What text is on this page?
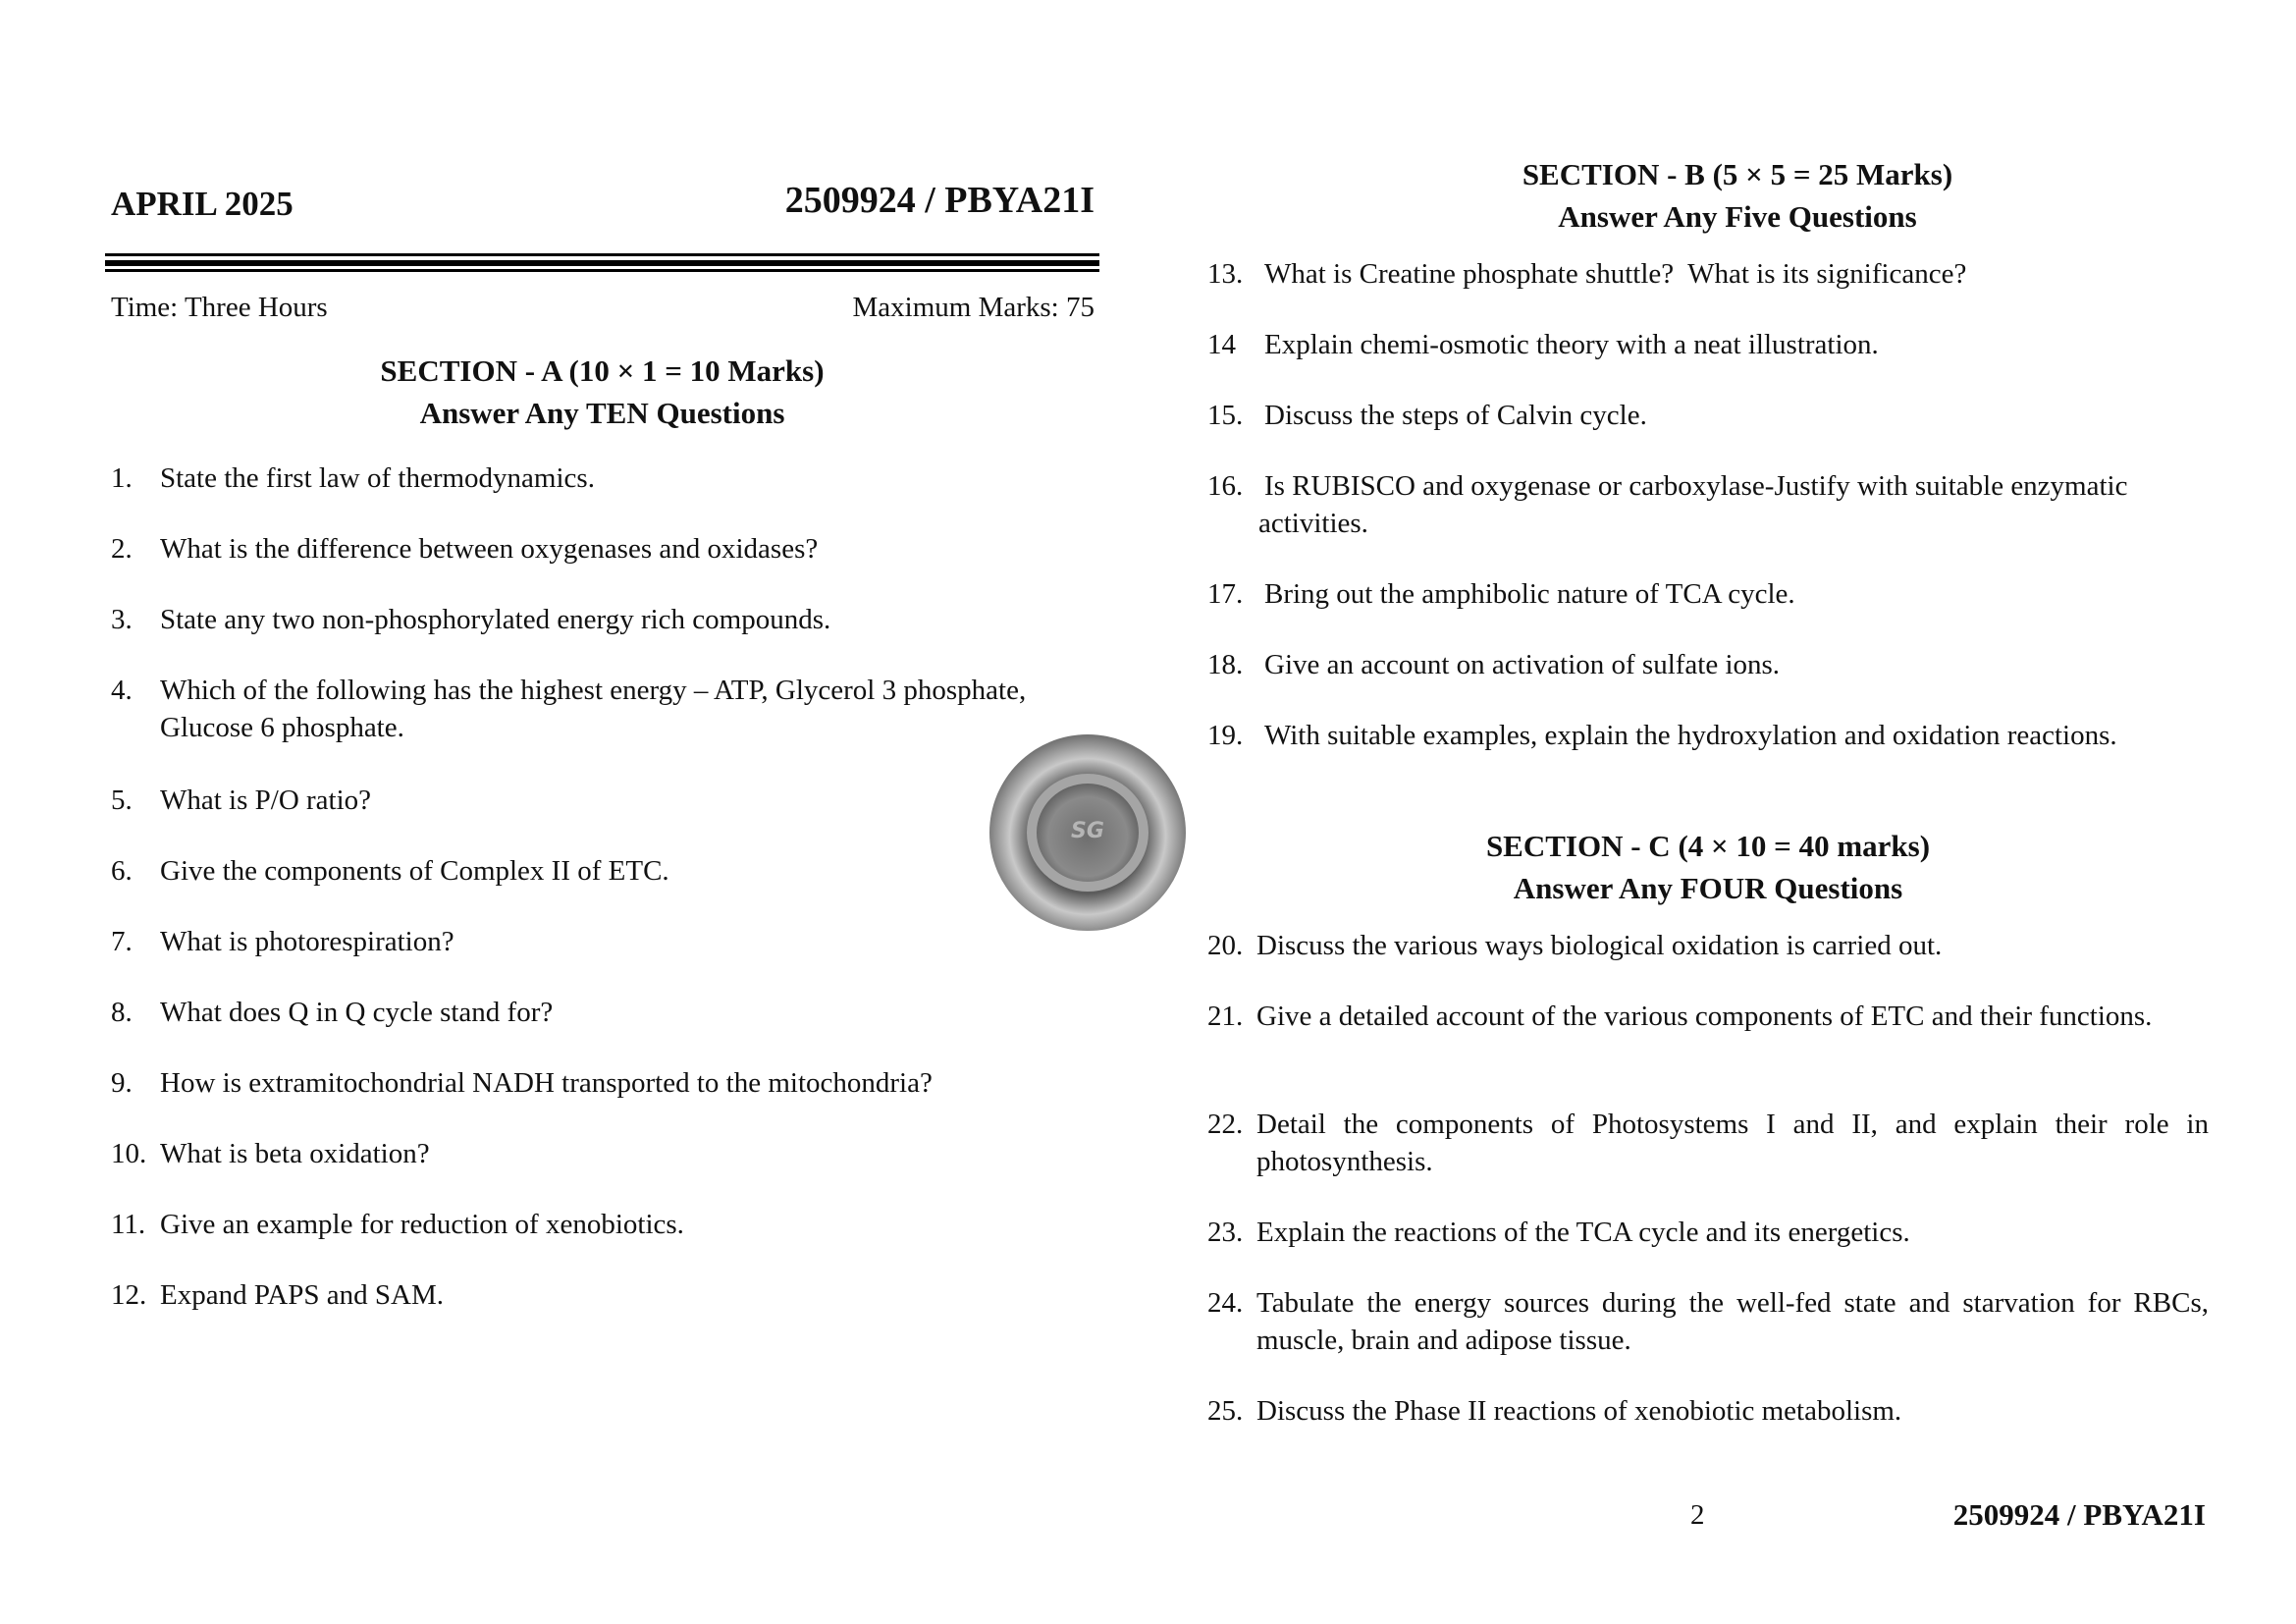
APRIL 2025	2509924 / PBYA21I
Time: Three Hours	Maximum Marks: 75
SECTION - A (10 × 1 = 10 Marks)
Answer Any TEN Questions
1. State the first law of thermodynamics.
2. What is the difference between oxygenases and oxidases?
3. State any two non-phosphorylated energy rich compounds.
4. Which of the following has the highest energy – ATP, Glycerol 3 phosphate, Glucose 6 phosphate.
5. What is P/O ratio?
6. Give the components of Complex II of ETC.
7. What is photorespiration?
8. What does Q in Q cycle stand for?
9. How is extramitochondrial NADH transported to the mitochondria?
10. What is beta oxidation?
11. Give an example for reduction of xenobiotics.
12. Expand PAPS and SAM.
SG
SECTION - B (5 × 5 = 25 Marks)
Answer Any Five Questions
13. What is Creatine phosphate shuttle?  What is its significance?
14 Explain chemi-osmotic theory with a neat illustration.
15. Discuss the steps of Calvin cycle.
16. Is RUBISCO and oxygenase or carboxylase-Justify with suitable enzymatic activities.
17. Bring out the amphibolic nature of TCA cycle.
18. Give an account on activation of sulfate ions.
19. With suitable examples, explain the hydroxylation and oxidation reactions.
SECTION - C (4 × 10 = 40 marks)
Answer Any FOUR Questions
20. Discuss the various ways biological oxidation is carried out.
21. Give a detailed account of the various components of ETC and their functions.
22. Detail the components of Photosystems I and II, and explain their role in photosynthesis.
23. Explain the reactions of the TCA cycle and its energetics.
24. Tabulate the energy sources during the well-fed state and starvation for RBCs, muscle, brain and adipose tissue.
25. Discuss the Phase II reactions of xenobiotic metabolism.
2	2509924 / PBYA21I
